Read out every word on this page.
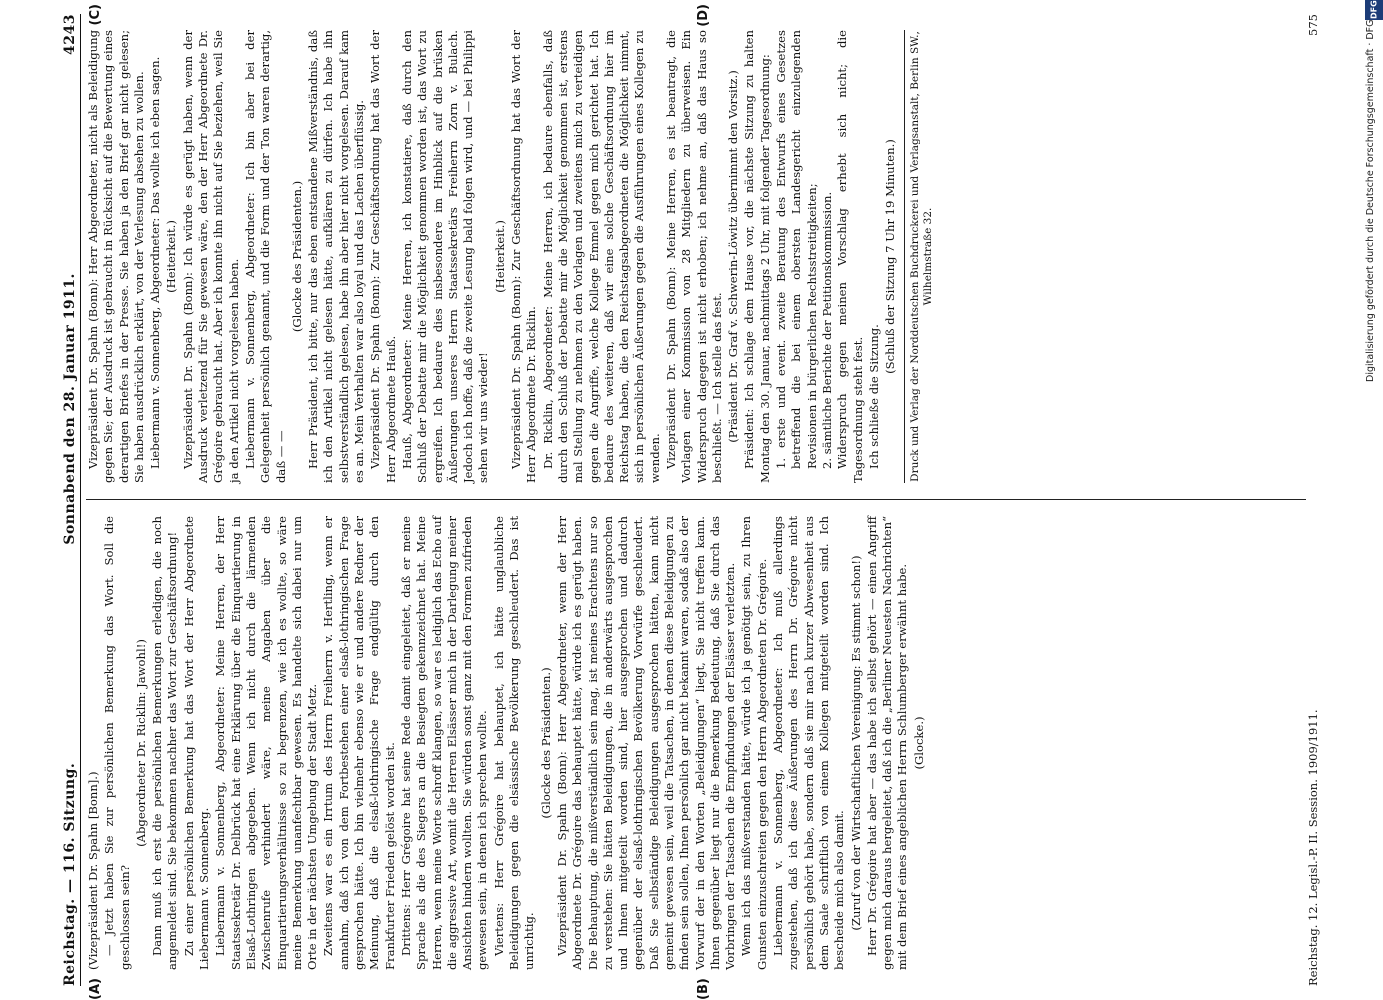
Reichstag. — 116. Sitzung.
Sonnabend den 28. Januar 1911.
4243
(A)	(B)

(Vizepräsident Dr. Spahn [Bonn].) — Jetzt haben Sie zur persönlichen Bemerkung das Wort. Soll die geschlossen sein?

(Abgeordneter Dr. Ricklin: Jawohl!) Dann muß ich erst die persönlichen Bemerkungen erledigen, die noch angemeldet sind. Sie bekommen nachher das Wort zur Geschäftsordnung! Zu einer persönlichen Bemerkung hat das Wort der Herr Abgeordnete Liebermann v. Sonnenberg. Liebermann v. Sonnenberg, Abgeordneter: Meine Herren, der Herr Staatssekretär Dr. Delbrück hat eine Erklärung über die Einquartierung in Elsaß-Lothringen abgegeben. Wenn ich nicht durch die lärmenden Zwischenrufe verhindert wäre, meine Angaben über die Einquartierungsverhältnisse so zu begrenzen, wie ich es wollte, so wäre meine Bemerkung unanfechtbar gewesen. Es handelte sich dabei nur um Orte in der nächsten Umgebung der Stadt Metz. Zweitens war es ein Irrtum des Herrn Freiherrn v. Hertling, wenn er annahm, daß ich von dem Fortbestehen einer elsaß-lothringischen Frage gesprochen hätte. Ich bin vielmehr ebenso wie er und andere Redner der Meinung, daß die elsaß-lothringische Frage endgültig durch den Frankfurter Frieden gelöst worden ist. Drittens: Herr Grégoire hat seine Rede damit eingeleitet, daß er meine Sprache als die des Siegers an die Besiegten gekennzeichnet hat. Meine Herren, wenn meine Worte schroff klangen, so war es lediglich das Echo auf die aggressive Art, womit die Herren Elsässer mich in der Darlegung meiner Ansichten hindern wollten. Sie würden sonst ganz mit den Formen zufrieden gewesen sein, in denen ich sprechen wollte. Viertens: Herr Grégoire hat behauptet, ich hätte unglaubliche Beleidigungen gegen die elsässische Bevölkerung geschleudert. Das ist unrichtig.

(Glocke des Präsidenten.) Vizepräsident Dr. Spahn (Bonn): Herr Abgeordneter, wenn der Herr Abgeordnete Dr. Grégoire das behauptet hätte, würde ich es gerügt haben. Die Behauptung, die mißverständlich sein mag, ist meines Erachtens nur so zu verstehen: Sie hätten Beleidigungen, die in anderwärts ausgesprochen und Ihnen mitgeteilt worden sind, hier ausgesprochen und dadurch gegenüber der elsaß-lothringischen Bevölkerung Vorwürfe geschleudert. Daß Sie selbständige Beleidigungen ausgesprochen hätten, kann nicht gemeint gewesen sein, weil die Tatsachen, in denen diese Beleidigungen zu finden sein sollen, Ihnen persönlich gar nicht bekannt waren, sodaß also der Vorwurf der in den Worten „Beleidigungen“ liegt, Sie nicht treffen kann. Ihnen gegenüber liegt nur die Bemerkung Bedeutung, daß Sie durch das Vorbringen der Tatsachen die Empfindungen der Elsässer verletzten. Wenn ich das mißverstanden hätte, würde ich ja genötigt sein, zu Ihren Gunsten einzuschreiten gegen den Herrn Abgeordneten Dr. Grégoire. Liebermann v. Sonnenberg, Abgeordneter: Ich muß allerdings zugestehen, daß ich diese Äußerungen des Herrn Dr. Grégoire nicht persönlich gehört habe, sondern daß sie mir nach kurzer Abwesenheit aus dem Saale schriftlich von einem Kollegen mitgeteilt worden sind. Ich bescheide mich also damit. (Zuruf von der Wirtschaftlichen Vereinigung: Es stimmt schon!) Herr Dr. Grégoire hat aber — das habe ich selbst gehört — einen Angriff gegen mich daraus hergeleitet, daß ich die „Berliner Neuesten Nachrichten“ mit dem Brief eines angeblichen Herrn Schlumberger erwähnt habe. (Glocke.)

(C)	(D)

Vizepräsident Dr. Spahn (Bonn): Herr Abgeordneter, nicht als Beleidigung gegen Sie; der Ausdruck ist gebraucht in Rücksicht auf die Bewertung eines derartigen Briefes in der Presse. Sie haben ja den Brief gar nicht gelesen; Sie haben ausdrücklich erklärt, von der Verlesung absehen zu wollen. Liebermann v. Sonnenberg, Abgeordneter: Das wollte ich eben sagen. (Heiterkeit.) Vizepräsident Dr. Spahn (Bonn): Ich würde es gerügt haben, wenn der Ausdruck verletzend für Sie gewesen wäre, den der Herr Abgeordnete Dr. Grégoire gebraucht hat. Aber ich konnte ihn nicht auf Sie beziehen, weil Sie ja den Artikel nicht vorgelesen haben. Liebermann v. Sonnenberg, Abgeordneter: Ich bin aber bei der Gelegenheit persönlich genannt, und die Form und der Ton waren derartig, daß — —

(Glocke des Präsidenten.) Herr Präsident, ich bitte, nur das eben entstandene Mißverständnis, daß ich den Artikel nicht gelesen hätte, aufklären zu dürfen. Ich habe ihn selbstverständlich gelesen, habe ihn aber hier nicht vorgelesen. Darauf kam es an. Mein Verhalten war also loyal und das Lachen überflüssig. Vizepräsident Dr. Spahn (Bonn): Zur Geschäftsordnung hat das Wort der Herr Abgeordnete Hauß. Hauß, Abgeordneter: Meine Herren, ich konstatiere, daß durch den Schluß der Debatte mir die Möglichkeit genommen worden ist, das Wort zu ergreifen. Ich bedaure dies insbesondere im Hinblick auf die brüsken Äußerungen unseres Herrn Staatssekretärs Freiherrn Zorn v. Bulach. Jedoch ich hoffe, daß die zweite Lesung bald folgen wird, und — bei Philippi sehen wir uns wieder!

(Heiterkeit.) Vizepräsident Dr. Spahn (Bonn): Zur Geschäftsordnung hat das Wort der Herr Abgeordnete Dr. Ricklin. Dr. Ricklin, Abgeordneter: Meine Herren, ich bedaure ebenfalls, daß durch den Schluß der Debatte mir die Möglichkeit genommen ist, erstens mal Stellung zu nehmen zu den Vorlagen und zweitens mich zu verteidigen gegen die Angriffe, welche Kollege Emmel gegen mich gerichtet hat. Ich bedaure des weiteren, daß wir eine solche Geschäftsordnung hier im Reichstag haben, die den Reichstagsabgeordneten die Möglichkeit nimmt, sich in persönlichen Äußerungen gegen die Ausführungen eines Kollegen zu wenden. Vizepräsident Dr. Spahn (Bonn): Meine Herren, es ist beantragt, die Vorlagen einer Kommission von 28 Mitgliedern zu überweisen. Ein Widerspruch dagegen ist nicht erhoben; ich nehme an, daß das Haus so beschließt. — Ich stelle das fest. (Präsident Dr. Graf v. Schwerin-Löwitz übernimmt den Vorsitz.) Präsident: Ich schlage dem Hause vor, die nächste Sitzung zu halten Montag den 30. Januar, nachmittags 2 Uhr, mit folgender Tagesordnung: 1. erste und event. zweite Beratung des Entwurfs eines Gesetzes betreffend die bei einem obersten Landesgericht einzulegenden Revisionen in bürgerlichen Rechtsstreitigkeiten; 2. sämtliche Berichte der Petitionskommission. Widerspruch gegen meinen Vorschlag erhebt sich nicht; die Tagesordnung steht fest. Ich schließe die Sitzung.

(Schluß der Sitzung 7 Uhr 19 Minuten.)	Druck und Verlag der Norddeutschen Buchdruckerei und Verlagsanstalt, Berlin SW., Wilhelmstraße 32.
Reichstag. 12. Legisl.-P. II. Session. 1909/1911.
575
DFG
Digitalisierung gefördert durch die Deutsche Forschungsgemeinschaft · DFG
